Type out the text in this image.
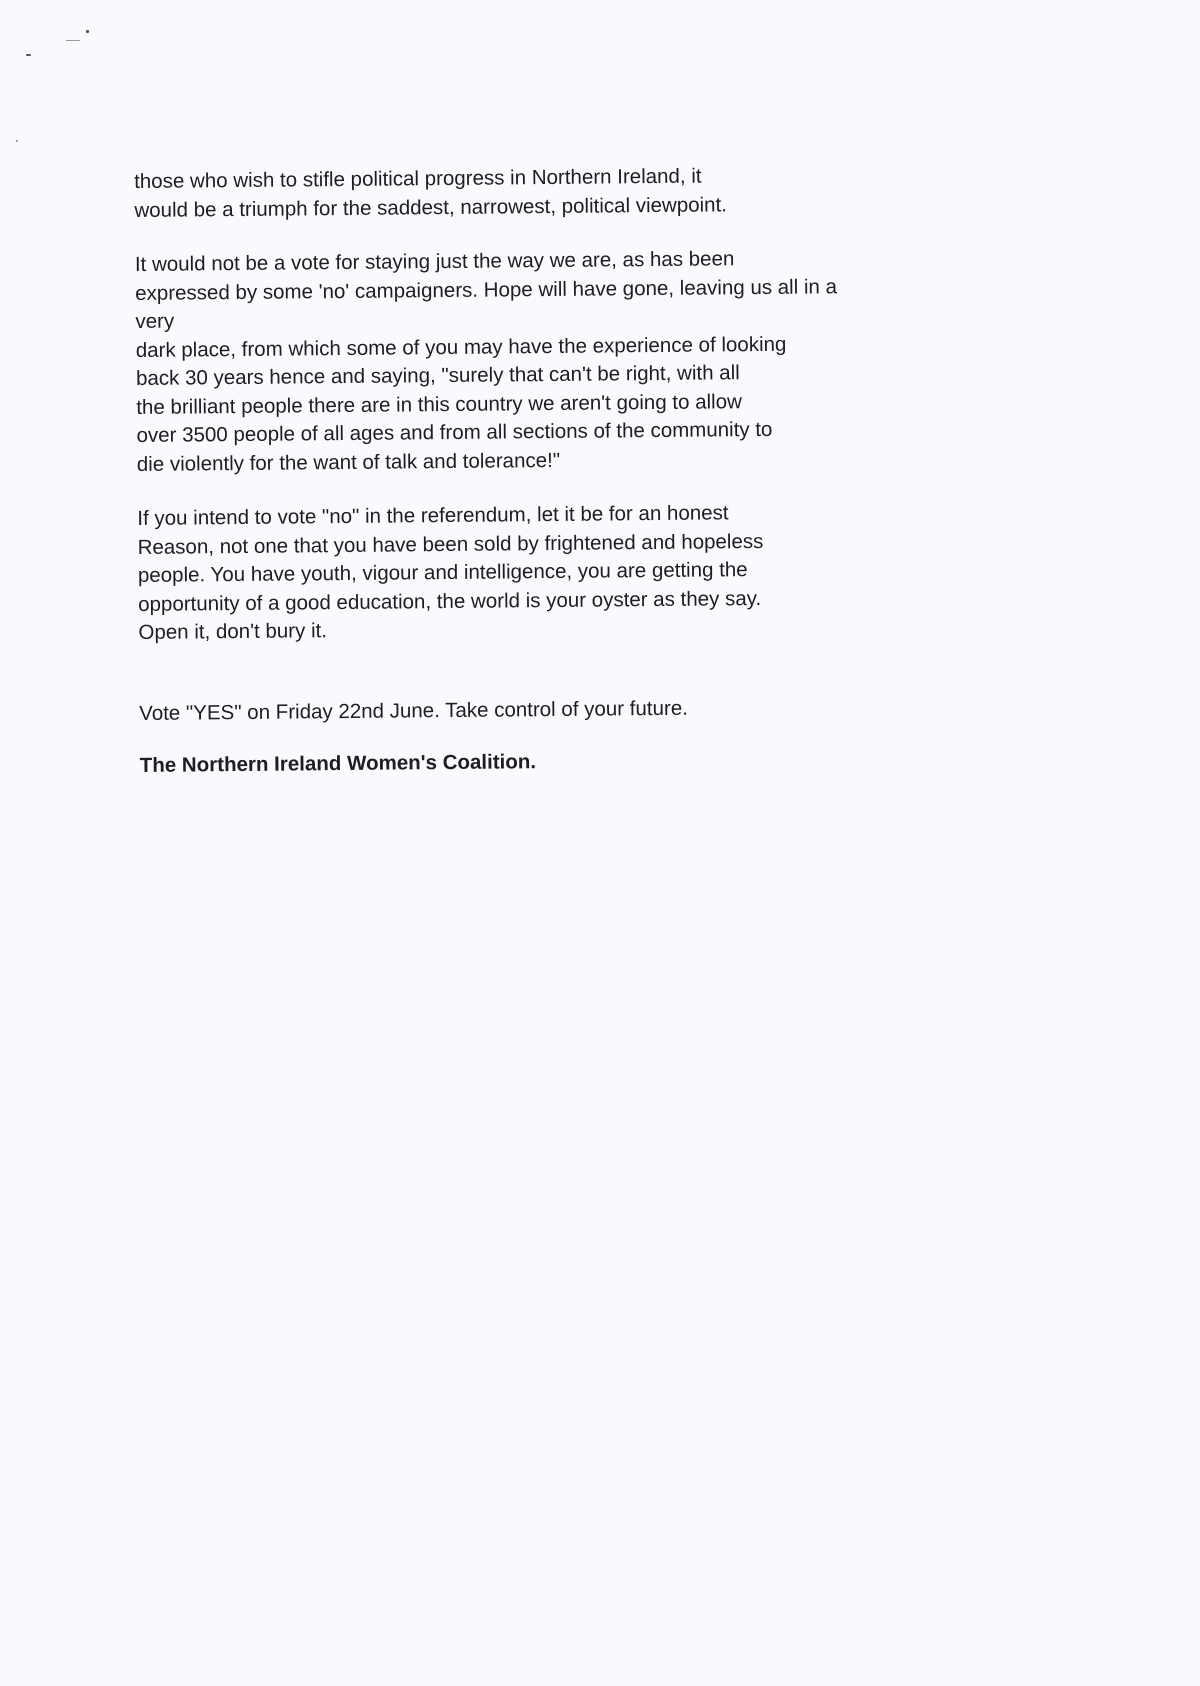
those who wish to stifle political progress in Northern Ireland, it
would be a triumph for the saddest, narrowest, political viewpoint.

It would not be a vote for staying just the way we are, as has been
expressed by some 'no' campaigners. Hope will have gone, leaving us all in a
very
dark place, from which some of you may have the experience of looking
back 30 years hence and saying, "surely that can't be right, with all
the brilliant people there are in this country we aren't going to allow
over 3500 people of all ages and from all sections of the community to
die violently for the want of talk and tolerance!"

If you intend to vote "no" in the referendum, let it be for an honest
Reason, not one that you have been sold by frightened and hopeless
people. You have youth, vigour and intelligence, you are getting the
opportunity of a good education, the world is your oyster as they say.
Open it, don't bury it.

Vote "YES" on Friday 22nd June. Take control of your future.

The Northern Ireland Women's Coalition.
